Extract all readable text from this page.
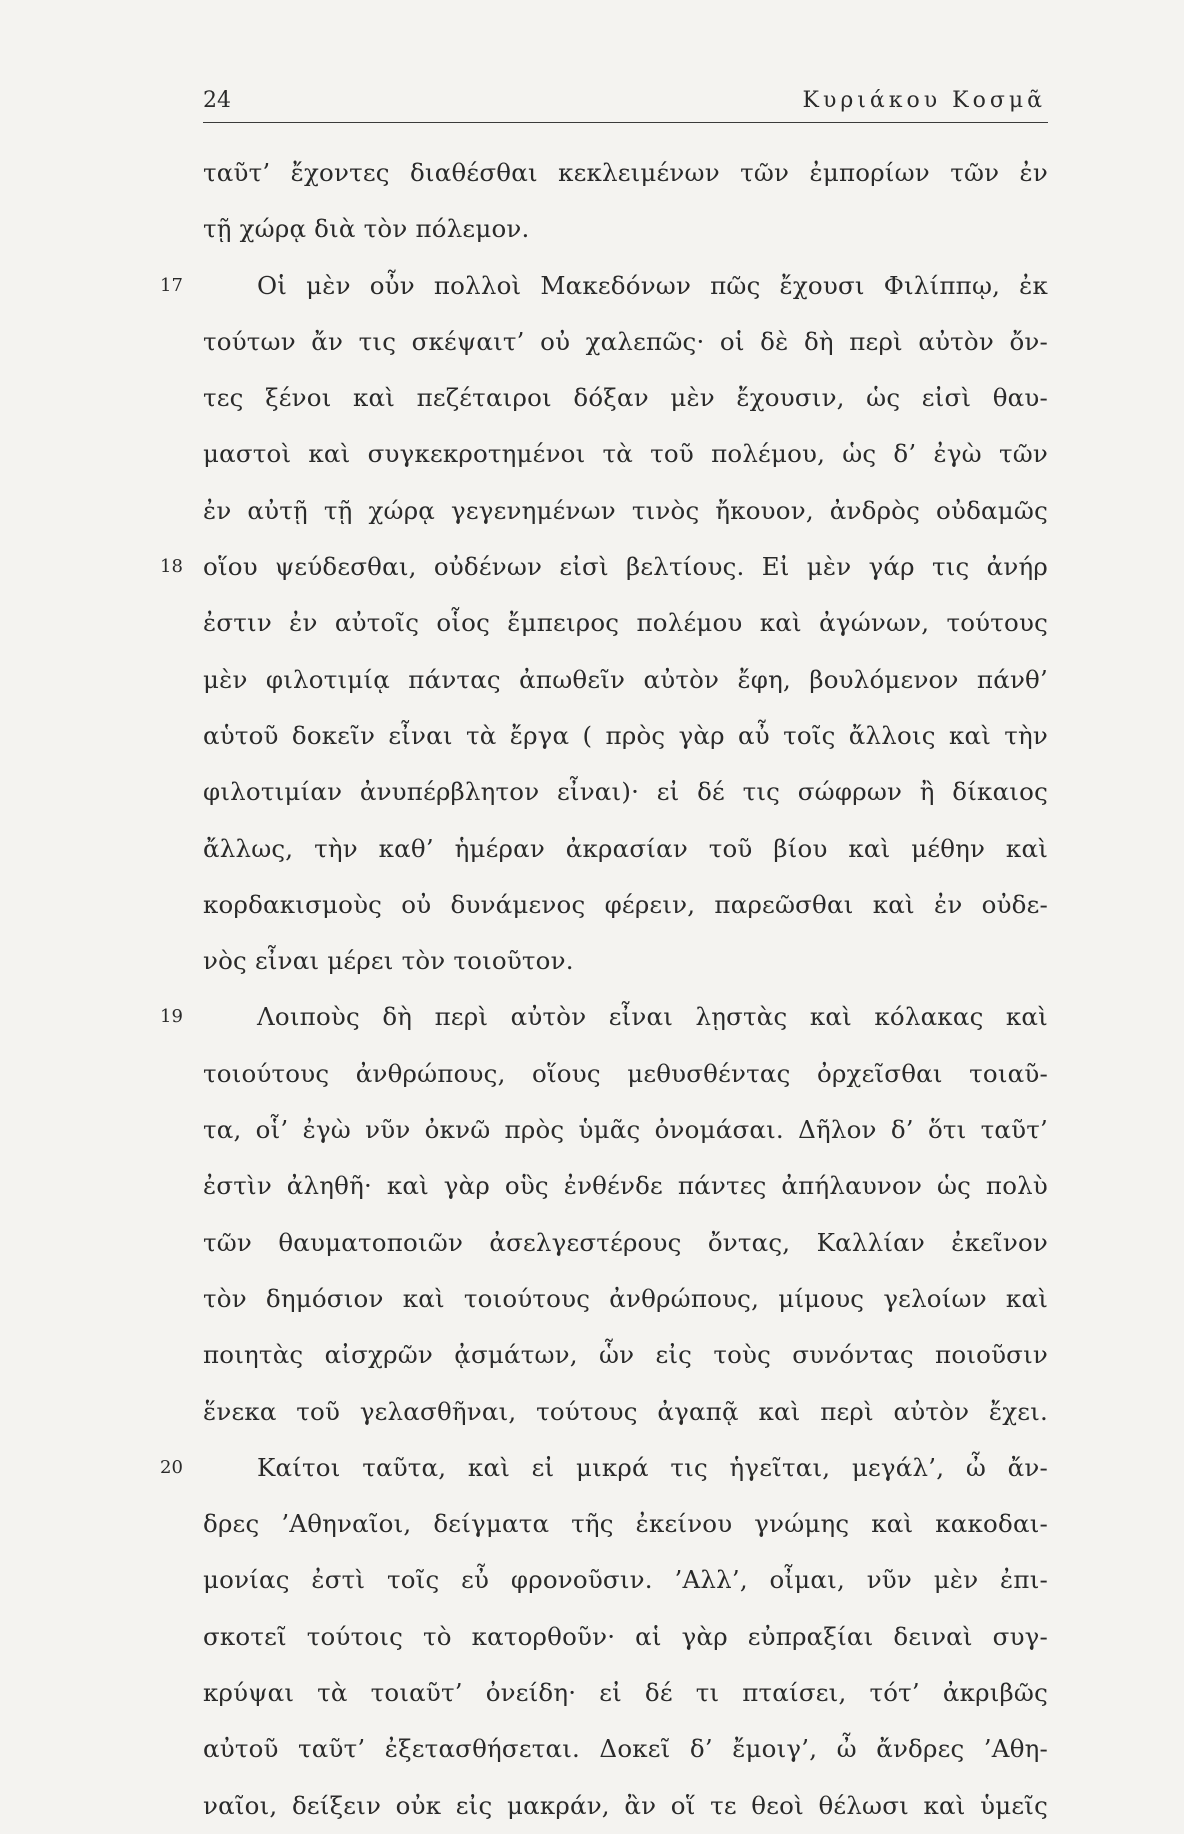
24	Κυριάκου Κοσμᾶ
ταῦτ’ ἔχοντες διαθέσθαι κεκλειμένων τῶν ἐμπορίων τῶν ἐν
τῇ χώρᾳ διὰ τὸν πόλεμον.
17	Οἱ μὲν οὖν πολλοὶ Μακεδόνων πῶς ἔχουσι Φιλίππῳ, ἐκ
τούτων ἄν τις σκέψαιτ’ οὐ χαλεπῶς· οἱ δὲ δὴ περὶ αὐτὸν ὄν-
τες ξένοι καὶ πεζέταιροι δόξαν μὲν ἔχουσιν, ὡς εἰσὶ θαυ-
μαστοὶ καὶ συγκεκροτημένοι τὰ τοῦ πολέμου, ὡς δ’ ἐγὼ τῶν
ἐν αὐτῇ τῇ χώρᾳ γεγενημένων τινὸς ἤκουον, ἀνδρὸς οὐδαμῶς
18 οἵου ψεύδεσθαι, οὐδένων εἰσὶ βελτίους. Εἰ μὲν γάρ τις ἀνήρ
ἐστιν ἐν αὐτοῖς οἷος ἔμπειρος πολέμου καὶ ἀγώνων, τούτους
μὲν φιλοτιμίᾳ πάντας ἀπωθεῖν αὐτὸν ἔφη, βουλόμενον πάνθ’
αὑτοῦ δοκεῖν εἶναι τὰ ἔργα ( πρὸς γὰρ αὖ τοῖς ἄλλοις καὶ τὴν
φιλοτιμίαν ἀνυπέρβλητον εἶναι)· εἰ δέ τις σώφρων ἢ δίκαιος
ἄλλως, τὴν καθ’ ἡμέραν ἀκρασίαν τοῦ βίου καὶ μέθην καὶ
κορδακισμοὺς οὐ δυνάμενος φέρειν, παρεῶσθαι καὶ ἐν οὐδε-
νὸς εἶναι μέρει τὸν τοιοῦτον.
19	Λοιποὺς δὴ περὶ αὐτὸν εἶναι λῃστὰς καὶ κόλακας καὶ
τοιούτους ἀνθρώπους, οἵους μεθυσθέντας ὀρχεῖσθαι τοιαῦ-
τα, οἷ’ ἐγὼ νῦν ὀκνῶ πρὸς ὑμᾶς ὀνομάσαι. Δῆλον δ’ ὅτι ταῦτ’
ἐστὶν ἀληθῆ· καὶ γὰρ οὓς ἐνθένδε πάντες ἀπήλαυνον ὡς πολὺ
τῶν θαυματοποιῶν ἀσελγεστέρους ὄντας, Καλλίαν ἐκεῖνον
τὸν δημόσιον καὶ τοιούτους ἀνθρώπους, μίμους γελοίων καὶ
ποιητὰς αἰσχρῶν ᾀσμάτων, ὧν εἰς τοὺς συνόντας ποιοῦσιν
ἕνεκα τοῦ γελασθῆναι, τούτους ἀγαπᾷ καὶ περὶ αὐτὸν ἔχει.
20	Καίτοι ταῦτα, καὶ εἰ μικρά τις ἡγεῖται, μεγάλ’, ὦ ἄν-
δρες ’Αθηναῖοι, δείγματα τῆς ἐκείνου γνώμης καὶ κακοδαι-
μονίας ἐστὶ τοῖς εὖ φρονοῦσιν. ’Αλλ’, οἶμαι, νῦν μὲν ἐπι-
σκοτεῖ τούτοις τὸ κατορθοῦν· αἱ γὰρ εὐπραξίαι δειναὶ συγ-
κρύψαι τὰ τοιαῦτ’ ὀνείδη· εἰ δέ τι πταίσει, τότ’ ἀκριβῶς
αὐτοῦ ταῦτ’ ἐξετασθήσεται. Δοκεῖ δ’ ἔμοιγ’, ὦ ἄνδρες ’Αθη-
ναῖοι, δείξειν οὐκ εἰς μακράν, ἂν οἵ τε θεοὶ θέλωσι καὶ ὑμεῖς
